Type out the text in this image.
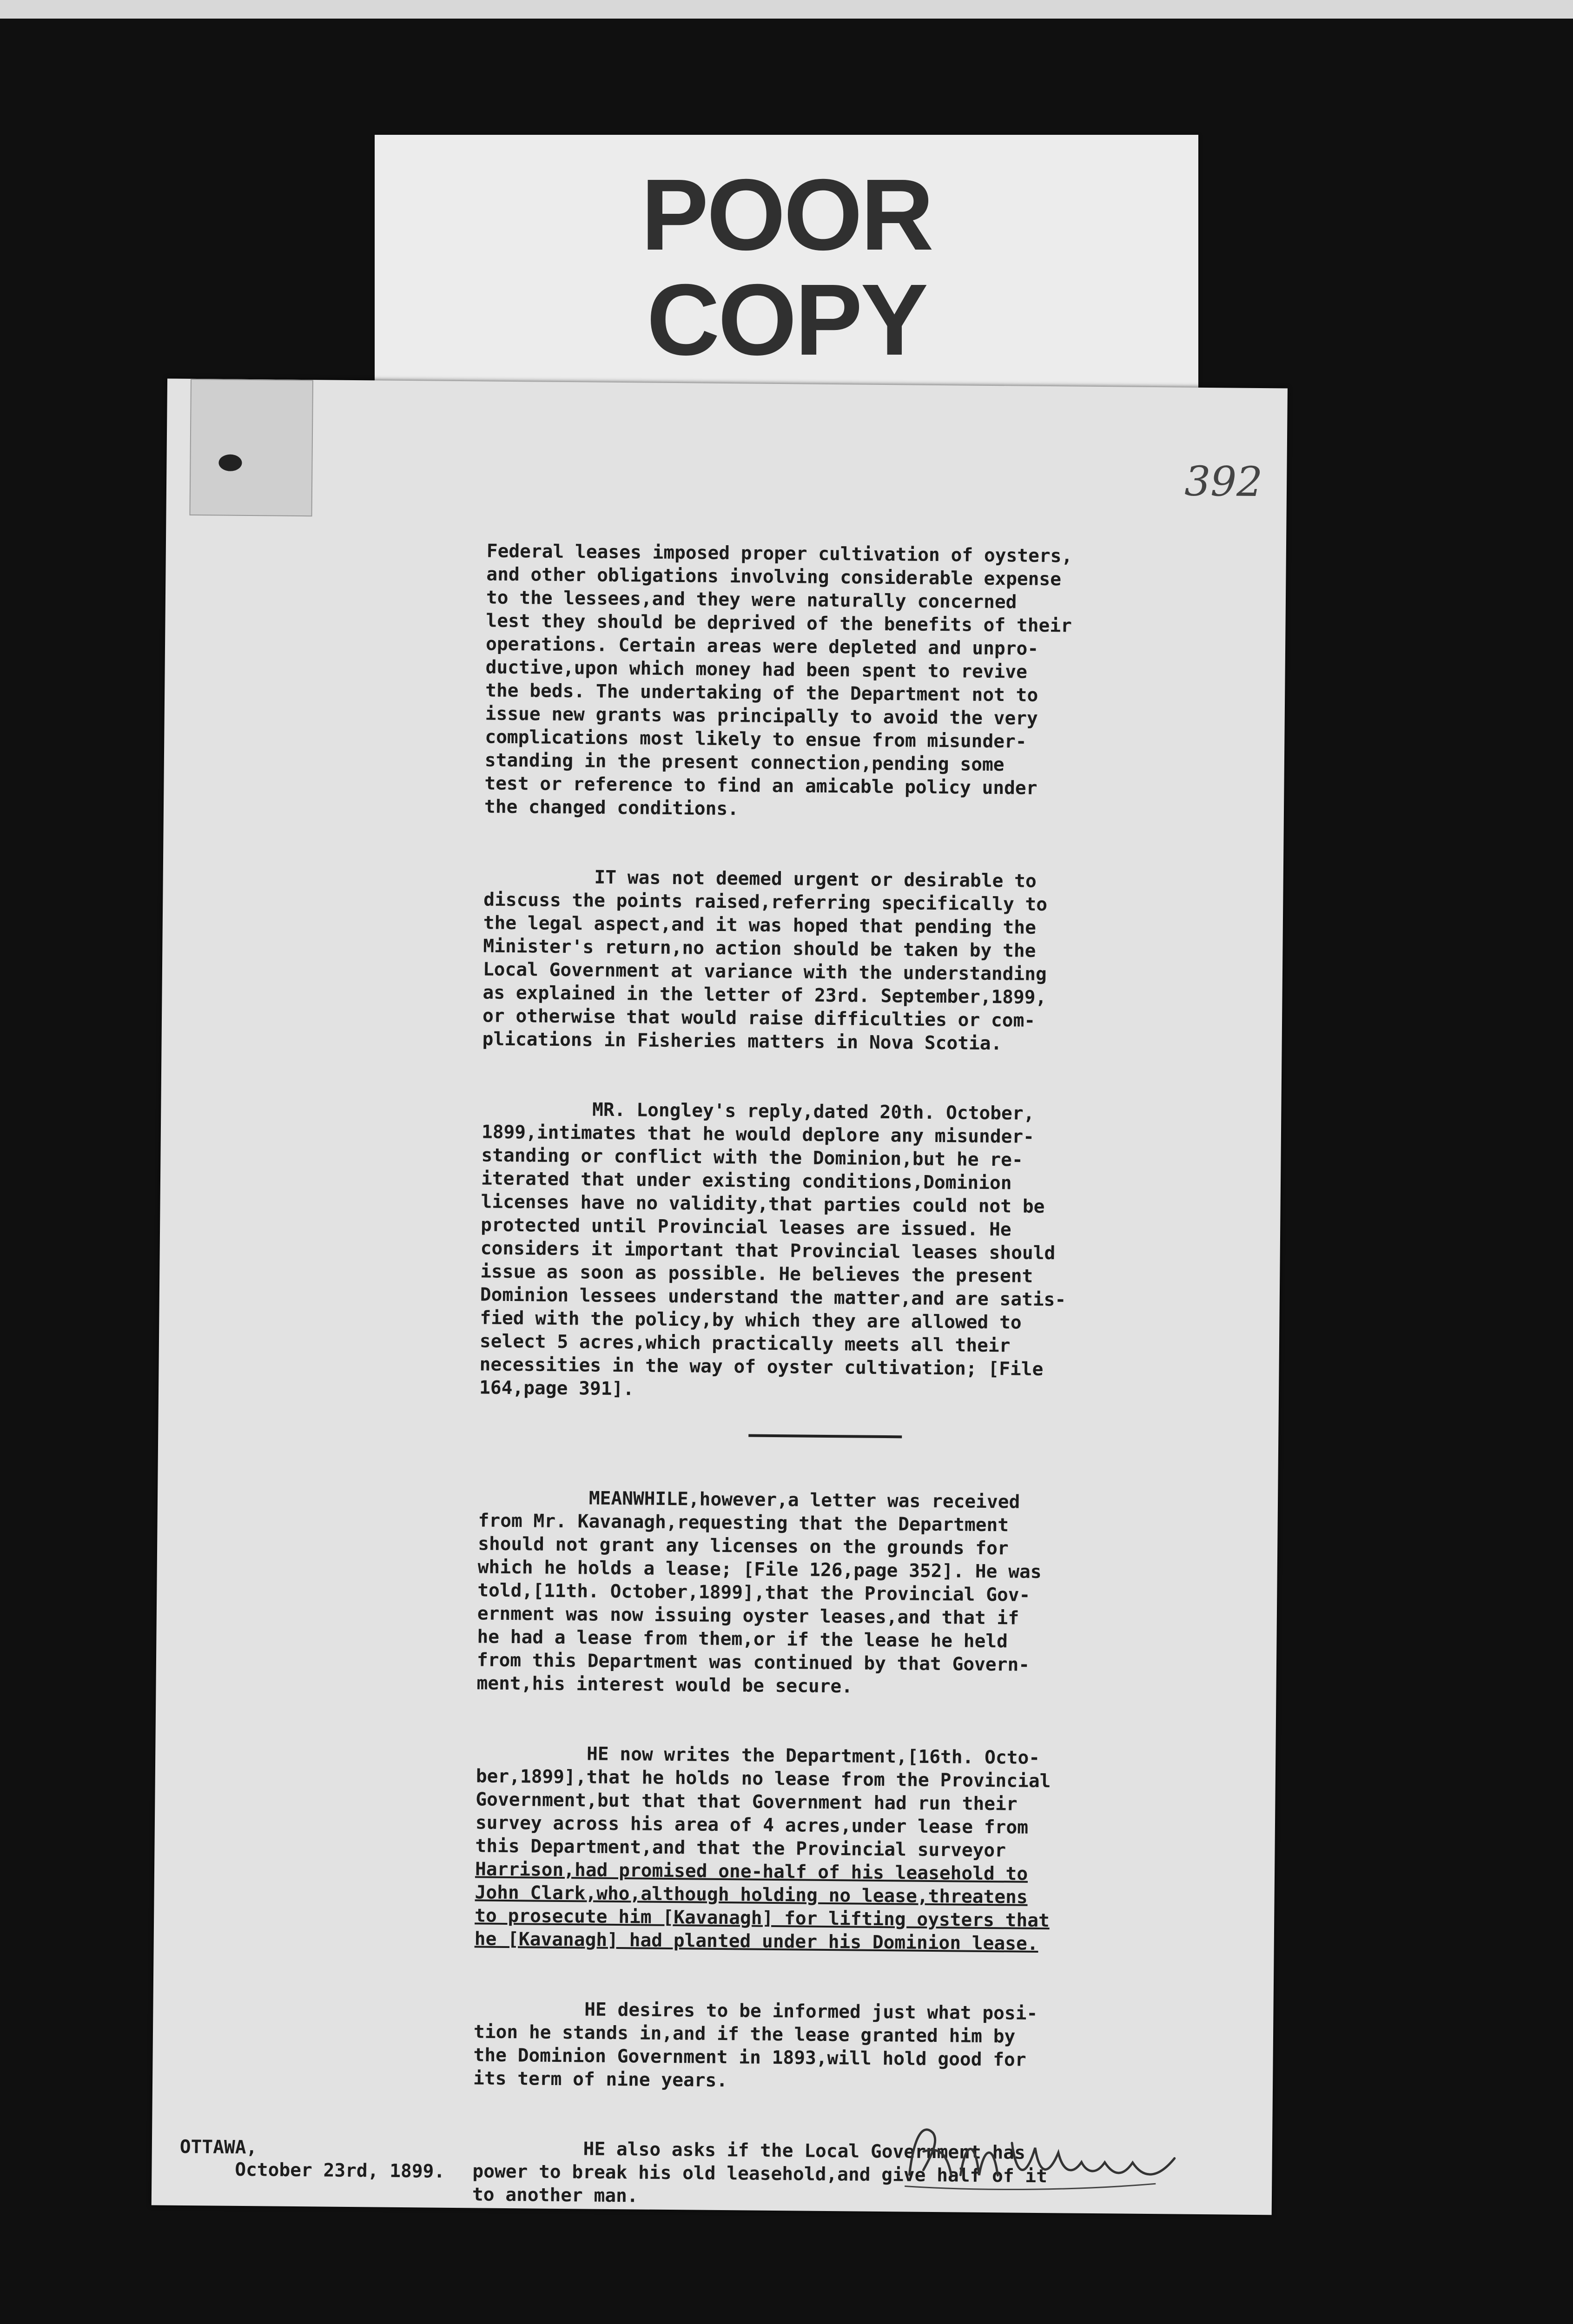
POOR
COPY
392
Federal leases imposed proper cultivation of oysters,
and other obligations involving considerable expense
to the lessees,and they were naturally concerned
lest they should be deprived of the benefits of their
operations. Certain areas were depleted and unpro-
ductive,upon which money had been spent to revive
the beds. The undertaking of the Department not to
issue new grants was principally to avoid the very
complications most likely to ensue from misunder-
standing in the present connection,pending some
test or reference to find an amicable policy under
the changed conditions.
IT was not deemed urgent or desirable to
discuss the points raised,referring specifically to
the legal aspect,and it was hoped that pending the
Minister's return,no action should be taken by the
Local Government at variance with the understanding
as explained in the letter of 23rd. September,1899,
or otherwise that would raise difficulties or com-
plications in Fisheries matters in Nova Scotia.
MR. Longley's reply,dated 20th. October,
1899,intimates that he would deplore any misunder-
standing or conflict with the Dominion,but he re-
iterated that under existing conditions,Dominion
licenses have no validity,that parties could not be
protected until Provincial leases are issued. He
considers it important that Provincial leases should
issue as soon as possible. He believes the present
Dominion lessees understand the matter,and are satis-
fied with the policy,by which they are allowed to
select 5 acres,which practically meets all their
necessities in the way of oyster cultivation; [File
164,page 391].
MEANWHILE,however,a letter was received
from Mr. Kavanagh,requesting that the Department
should not grant any licenses on the grounds for
which he holds a lease; [File 126,page 352]. He was
told,[11th. October,1899],that the Provincial Gov-
ernment was now issuing oyster leases,and that if
he had a lease from them,or if the lease he held
from this Department was continued by that Govern-
ment,his interest would be secure.
HE now writes the Department,[16th. Octo-
ber,1899],that he holds no lease from the Provincial
Government,but that that Government had run their
survey across his area of 4 acres,under lease from
this Department,and that the Provincial surveyor
Harrison,had promised one-half of his leasehold to
John Clark,who,although holding no lease,threatens
to prosecute him [Kavanagh] for lifting oysters that
he [Kavanagh] had planted under his Dominion lease.
HE desires to be informed just what posi-
tion he stands in,and if the lease granted him by
the Dominion Government in 1893,will hold good for
its term of nine years.
HE also asks if the Local Government has
power to break his old leasehold,and give half of it
to another man.
OTTAWA,
October 23rd, 1899.
